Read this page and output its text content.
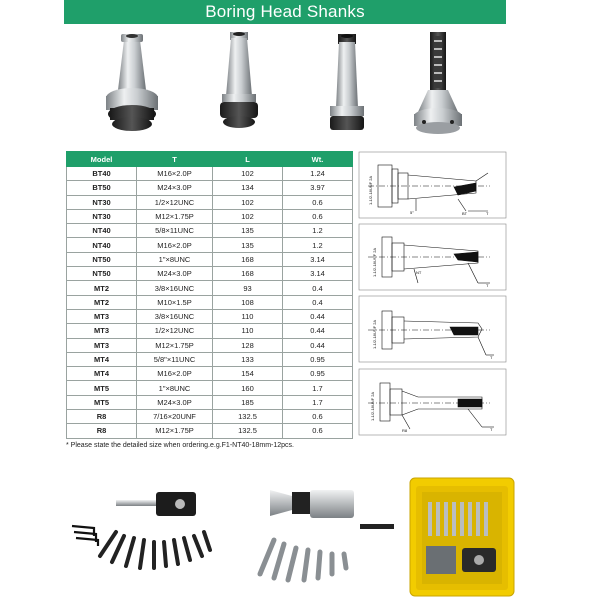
Boring Head Shanks
Model	T	L	Wt.
BT40	M16×2.0P	102	1.24
BT50	M24×3.0P	134	3.97
NT30	1/2×12UNC	102	0.6
NT30	M12×1.75P	102	0.6
NT40	5/8×11UNC	135	1.2
NT40	M16×2.0P	135	1.2
NT50	1"×8UNC	168	3.14
NT50	M24×3.0P	168	3.14
MT2	3/8×16UNC	93	0.4
MT2	M10×1.5P	108	0.4
MT3	3/8×16UNC	110	0.44
MT3	1/2×12UNC	110	0.44
MT3	M12×1.75P	128	0.44
MT4	5/8"×11UNC	133	0.95
MT4	M16×2.0P	154	0.95
MT5	1"×8UNC	160	1.7
MT5	M24×3.0P	185	1.7
R8	7/16×20UNF	132.5	0.6
R8	M12×1.75P	132.5	0.6
1-1/2-18UNF 2A
5°	BT	T
1-1/2-18UNF 2A	NT
T
1-1/2-18UNF 2A
T
1-1/2-18UNF 2A
R8	T
* Please state the detailed size when ordering.e.g.F1-NT40-18mm-12pcs.
